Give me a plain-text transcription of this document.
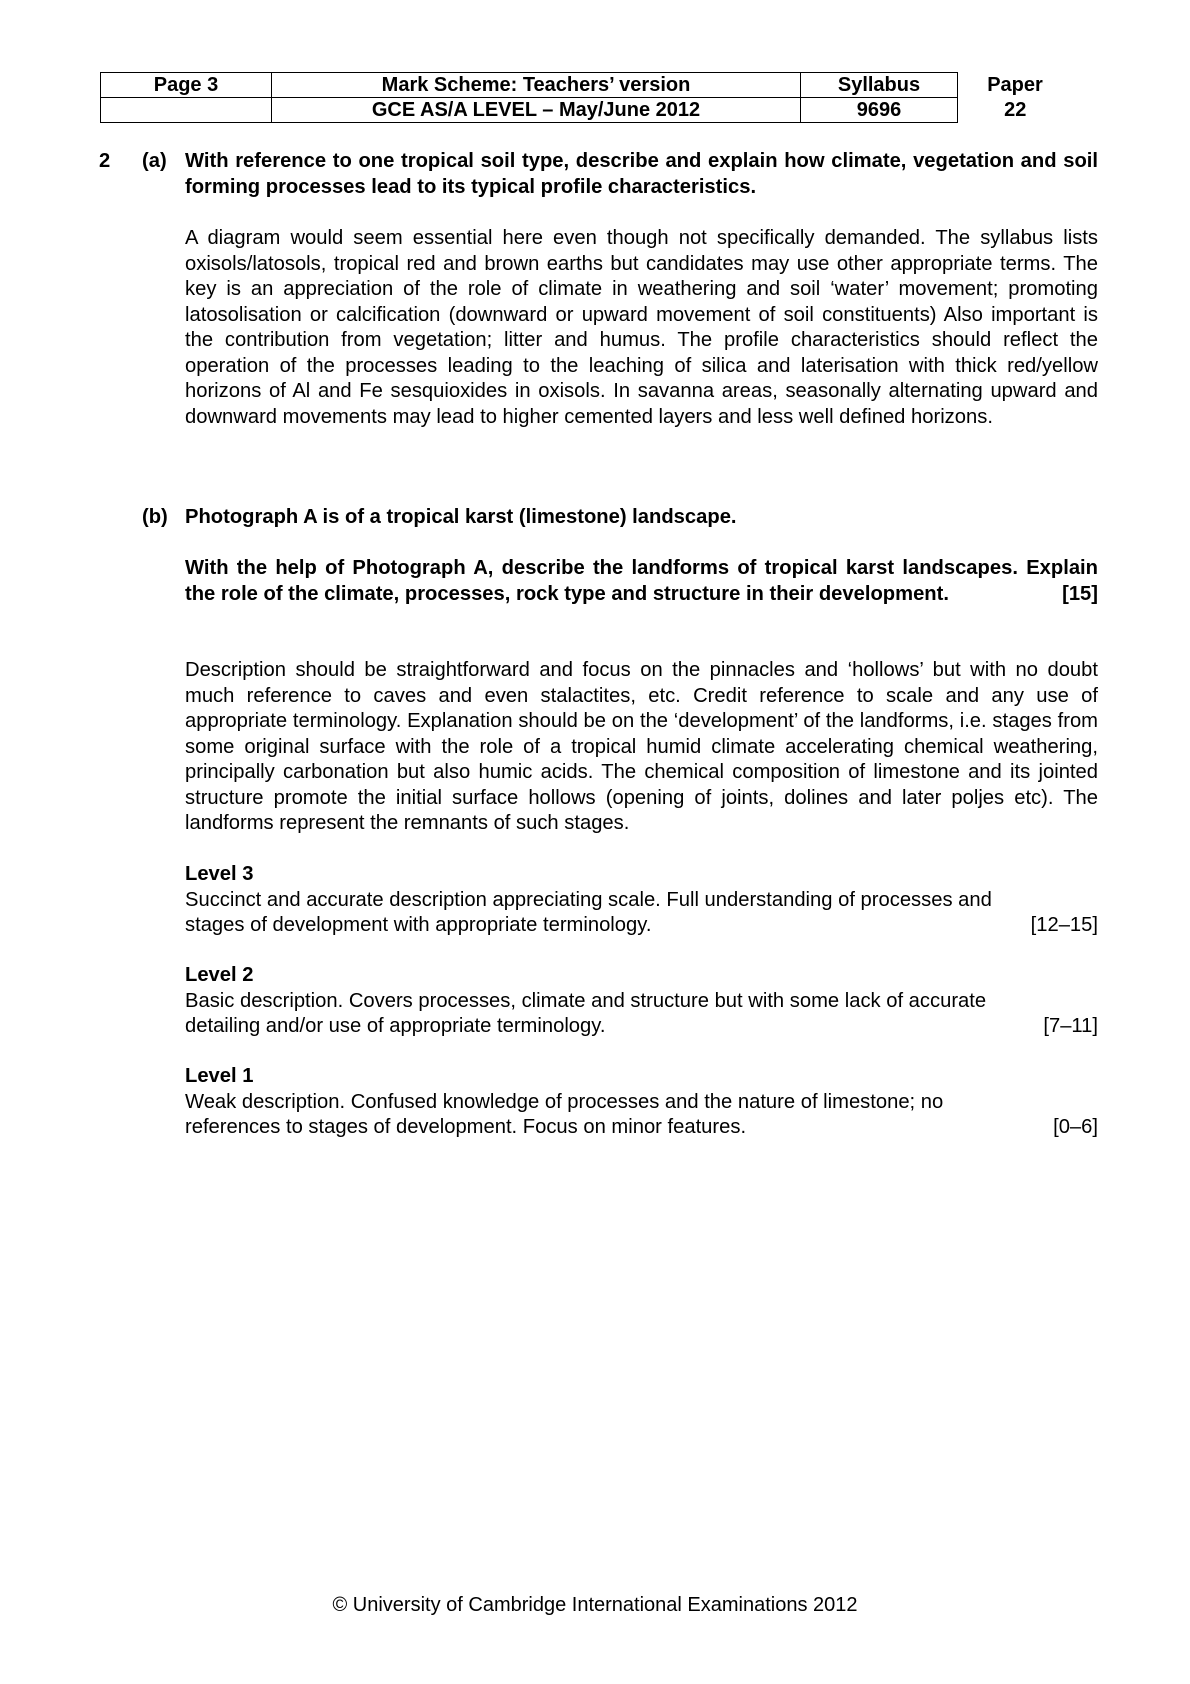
Page 3	Mark Scheme: Teachers’ version	Syllabus	Paper
	GCE AS/A LEVEL – May/June 2012	9696	22
2 (a) With reference to one tropical soil type, describe and explain how climate, vegetation and soil forming processes lead to its typical profile characteristics.
A diagram would seem essential here even though not specifically demanded. The syllabus lists oxisols/latosols, tropical red and brown earths but candidates may use other appropriate terms. The key is an appreciation of the role of climate in weathering and soil ‘water’ movement; promoting latosolisation or calcification (downward or upward movement of soil constituents) Also important is the contribution from vegetation; litter and humus. The profile characteristics should reflect the operation of the processes leading to the leaching of silica and laterisation with thick red/yellow horizons of Al and Fe sesquioxides in oxisols. In savanna areas, seasonally alternating upward and downward movements may lead to higher cemented layers and less well defined horizons.
(b) Photograph A is of a tropical karst (limestone) landscape.
With the help of Photograph A, describe the landforms of tropical karst landscapes. Explain the role of the climate, processes, rock type and structure in their development.	[15]
Description should be straightforward and focus on the pinnacles and ‘hollows’ but with no doubt much reference to caves and even stalactites, etc. Credit reference to scale and any use of appropriate terminology. Explanation should be on the ‘development’ of the landforms, i.e. stages from some original surface with the role of a tropical humid climate accelerating chemical weathering, principally carbonation but also humic acids. The chemical composition of limestone and its jointed structure promote the initial surface hollows (opening of joints, dolines and later poljes etc). The landforms represent the remnants of such stages.
Level 3
Succinct and accurate description appreciating scale. Full understanding of processes and
stages of development with appropriate terminology.	[12–15]
Level 2
Basic description. Covers processes, climate and structure but with some lack of accurate
detailing and/or use of appropriate terminology.	[7–11]
Level 1
Weak description. Confused knowledge of processes and the nature of limestone; no
references to stages of development. Focus on minor features.	[0–6]
© University of Cambridge International Examinations 2012
